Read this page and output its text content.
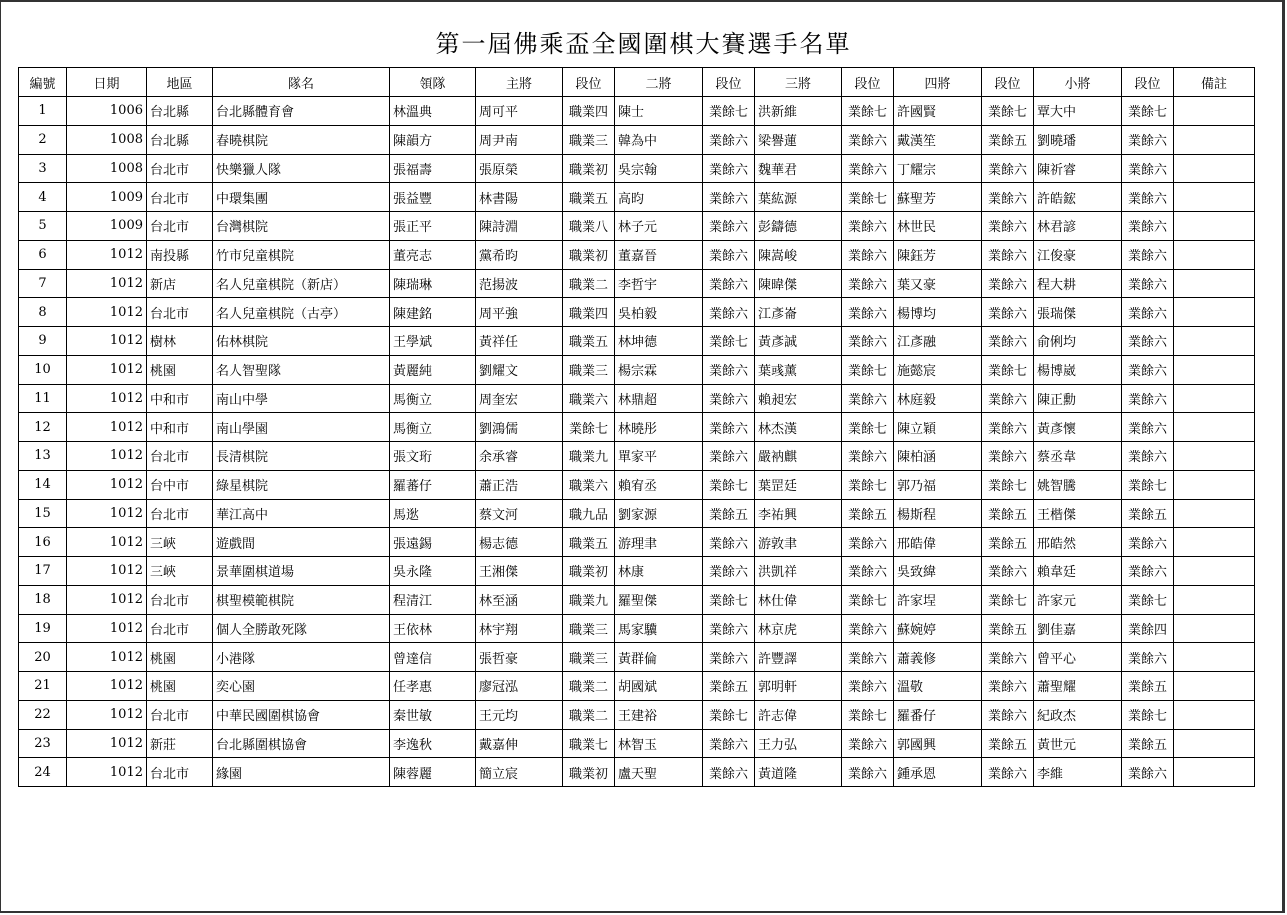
第一屆佛乘盃全國圍棋大賽選手名單
編號	日期	地區	隊名	領隊	主將	段位	二將	段位	三將	段位	四將	段位	小將	段位	備註
1	1006	台北縣	台北縣體育會	林溫典	周可平	職業四	陳士	業餘七	洪新維	業餘七	許國賢	業餘七	覃大中	業餘七	
2	1008	台北縣	春曉棋院	陳韻方	周尹南	職業三	韓為中	業餘六	梁譽蓮	業餘六	戴漢笙	業餘五	劉曉璠	業餘六	
3	1008	台北市	快樂獵人隊	張福壽	張原榮	職業初	吳宗翰	業餘六	魏華君	業餘六	丁耀宗	業餘六	陳祈睿	業餘六	
4	1009	台北市	中環集團	張益豐	林書陽	職業五	高昀	業餘六	葉紘源	業餘七	蘇聖芳	業餘六	許皓鋐	業餘六	
5	1009	台北市	台灣棋院	張正平	陳詩淵	職業八	林子元	業餘六	彭鑄德	業餘六	林世民	業餘六	林君諺	業餘六	
6	1012	南投縣	竹市兒童棋院	董亮志	黨希昀	職業初	董嘉晉	業餘六	陳嵩峻	業餘六	陳鈺芳	業餘六	江俊豪	業餘六	
7	1012	新店	名人兒童棋院（新店）	陳瑞琳	范揚波	職業二	李哲宇	業餘六	陳暐傑	業餘六	葉又豪	業餘六	程大耕	業餘六	
8	1012	台北市	名人兒童棋院（古亭）	陳建銘	周平強	職業四	吳柏毅	業餘六	江彥崙	業餘六	楊博均	業餘六	張瑞傑	業餘六	
9	1012	樹林	佑林棋院	王學斌	黃祥任	職業五	林坤德	業餘七	黃彥誠	業餘六	江彥融	業餘六	俞俐均	業餘六	
10	1012	桃園	名人智聖隊	黃麗純	劉耀文	職業三	楊宗霖	業餘六	葉彧薰	業餘七	施懿宸	業餘七	楊博崴	業餘六	
11	1012	中和市	南山中學	馬衡立	周奎宏	職業六	林鼎超	業餘六	賴昶宏	業餘六	林庭毅	業餘六	陳正勳	業餘六	
12	1012	中和市	南山學園	馬衡立	劉鴻儒	業餘七	林曉彤	業餘六	林杰漢	業餘七	陳立穎	業餘六	黃彥懷	業餘六	
13	1012	台北市	長清棋院	張文珩	余承睿	職業九	單家平	業餘六	嚴衲麒	業餘六	陳柏涵	業餘六	蔡丞韋	業餘六	
14	1012	台中市	綠星棋院	羅蕃仔	蕭正浩	職業六	賴宥丞	業餘七	葉罡廷	業餘七	郭乃福	業餘七	姚智騰	業餘七	
15	1012	台北市	華江高中	馬逖	蔡文河	職九品	劉家源	業餘五	李祐興	業餘五	楊斯程	業餘五	王楷傑	業餘五	
16	1012	三峽	遊戲間	張遠錫	楊志德	職業五	游理聿	業餘六	游敦聿	業餘六	邢皓偉	業餘五	邢皓然	業餘六	
17	1012	三峽	景華圍棋道場	吳永隆	王湘傑	職業初	林康	業餘六	洪凱祥	業餘六	吳致緯	業餘六	賴韋廷	業餘六	
18	1012	台北市	棋聖模範棋院	程清江	林至涵	職業九	羅聖傑	業餘七	林仕偉	業餘七	許家埕	業餘七	許家元	業餘七	
19	1012	台北市	個人全勝敢死隊	王依林	林宇翔	職業三	馬家驥	業餘六	林京虎	業餘六	蘇婉婷	業餘五	劉佳嘉	業餘四	
20	1012	桃園	小港隊	曾達信	張哲豪	職業三	黃群倫	業餘六	許豐譯	業餘六	蕭義修	業餘六	曾平心	業餘六	
21	1012	桃園	奕心園	任孝惠	廖冠泓	職業二	胡國斌	業餘五	郭明軒	業餘六	溫敬	業餘六	蕭聖耀	業餘五	
22	1012	台北市	中華民國圍棋協會	秦世敏	王元均	職業二	王建裕	業餘七	許志偉	業餘七	羅番仔	業餘六	紀政杰	業餘七	
23	1012	新莊	台北縣圍棋協會	李逸秋	戴嘉伸	職業七	林智玉	業餘六	王力弘	業餘六	郭國興	業餘五	黃世元	業餘五	
24	1012	台北市	緣園	陳蓉麗	簡立宸	職業初	盧天聖	業餘六	黃道隆	業餘六	鍾承恩	業餘六	李維	業餘六	
